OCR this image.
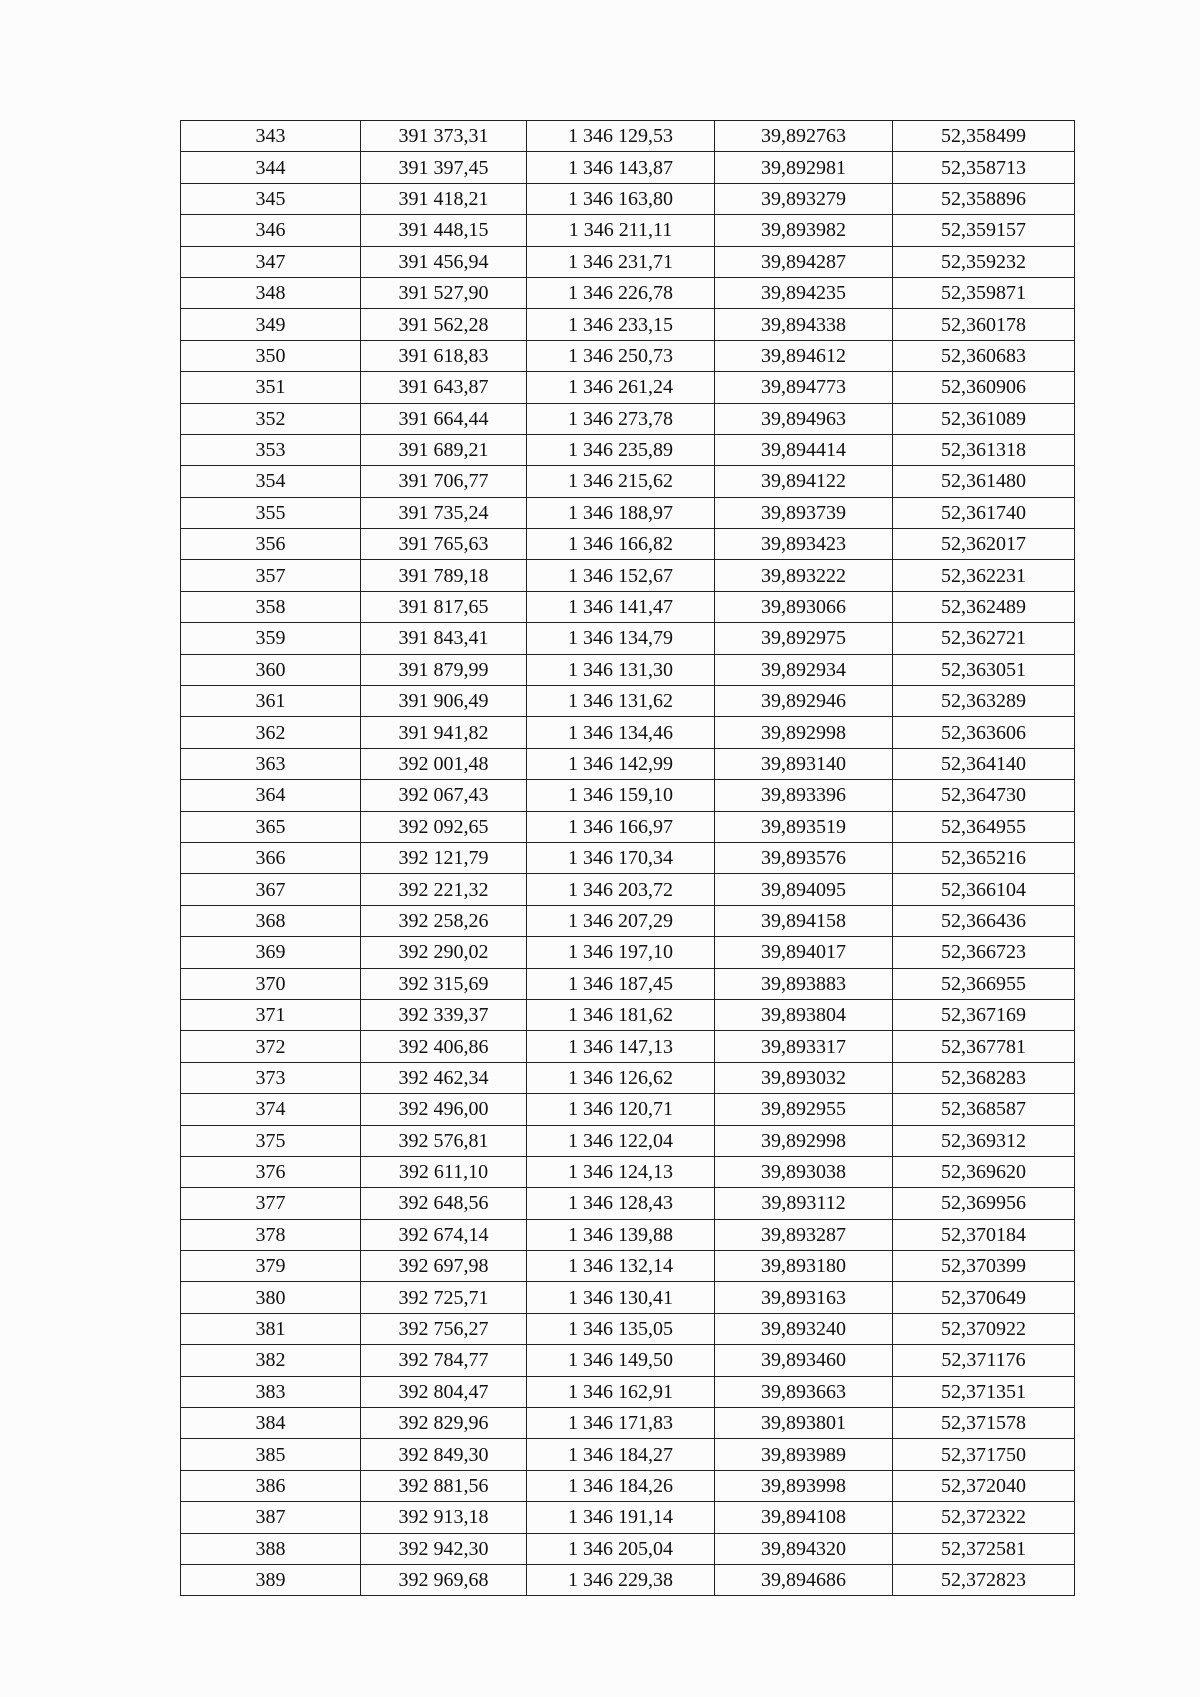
343	391 373,31	1 346 129,53	39,892763	52,358499
344	391 397,45	1 346 143,87	39,892981	52,358713
345	391 418,21	1 346 163,80	39,893279	52,358896
346	391 448,15	1 346 211,11	39,893982	52,359157
347	391 456,94	1 346 231,71	39,894287	52,359232
348	391 527,90	1 346 226,78	39,894235	52,359871
349	391 562,28	1 346 233,15	39,894338	52,360178
350	391 618,83	1 346 250,73	39,894612	52,360683
351	391 643,87	1 346 261,24	39,894773	52,360906
352	391 664,44	1 346 273,78	39,894963	52,361089
353	391 689,21	1 346 235,89	39,894414	52,361318
354	391 706,77	1 346 215,62	39,894122	52,361480
355	391 735,24	1 346 188,97	39,893739	52,361740
356	391 765,63	1 346 166,82	39,893423	52,362017
357	391 789,18	1 346 152,67	39,893222	52,362231
358	391 817,65	1 346 141,47	39,893066	52,362489
359	391 843,41	1 346 134,79	39,892975	52,362721
360	391 879,99	1 346 131,30	39,892934	52,363051
361	391 906,49	1 346 131,62	39,892946	52,363289
362	391 941,82	1 346 134,46	39,892998	52,363606
363	392 001,48	1 346 142,99	39,893140	52,364140
364	392 067,43	1 346 159,10	39,893396	52,364730
365	392 092,65	1 346 166,97	39,893519	52,364955
366	392 121,79	1 346 170,34	39,893576	52,365216
367	392 221,32	1 346 203,72	39,894095	52,366104
368	392 258,26	1 346 207,29	39,894158	52,366436
369	392 290,02	1 346 197,10	39,894017	52,366723
370	392 315,69	1 346 187,45	39,893883	52,366955
371	392 339,37	1 346 181,62	39,893804	52,367169
372	392 406,86	1 346 147,13	39,893317	52,367781
373	392 462,34	1 346 126,62	39,893032	52,368283
374	392 496,00	1 346 120,71	39,892955	52,368587
375	392 576,81	1 346 122,04	39,892998	52,369312
376	392 611,10	1 346 124,13	39,893038	52,369620
377	392 648,56	1 346 128,43	39,893112	52,369956
378	392 674,14	1 346 139,88	39,893287	52,370184
379	392 697,98	1 346 132,14	39,893180	52,370399
380	392 725,71	1 346 130,41	39,893163	52,370649
381	392 756,27	1 346 135,05	39,893240	52,370922
382	392 784,77	1 346 149,50	39,893460	52,371176
383	392 804,47	1 346 162,91	39,893663	52,371351
384	392 829,96	1 346 171,83	39,893801	52,371578
385	392 849,30	1 346 184,27	39,893989	52,371750
386	392 881,56	1 346 184,26	39,893998	52,372040
387	392 913,18	1 346 191,14	39,894108	52,372322
388	392 942,30	1 346 205,04	39,894320	52,372581
389	392 969,68	1 346 229,38	39,894686	52,372823
